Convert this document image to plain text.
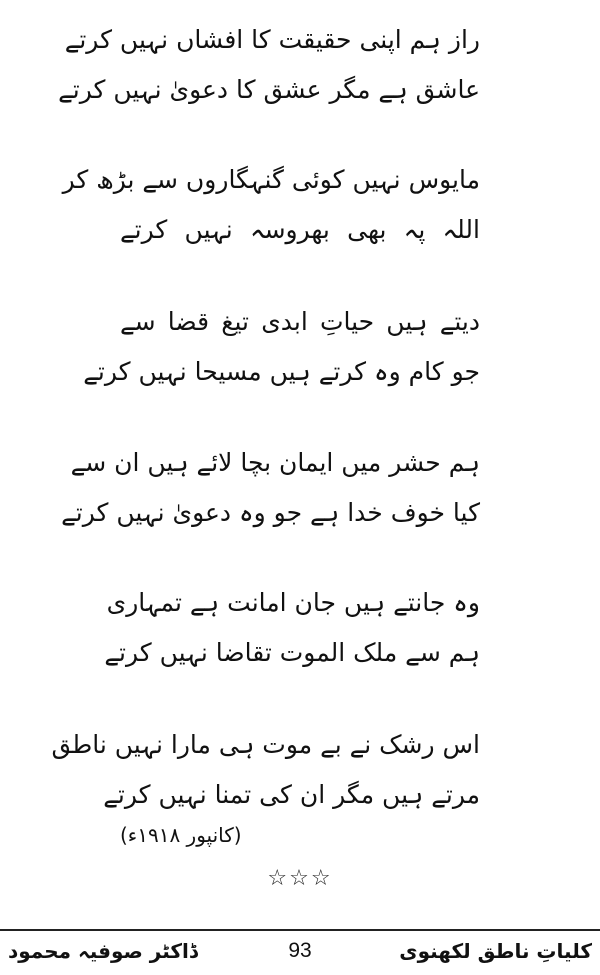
راز ہم اپنی حقیقت کا افشاں نہیں کرتے
عاشق ہے مگر عشق کا دعویٰ نہیں کرتے
مایوس نہیں کوئی گنہگاروں سے بڑھ کر
اللہ پہ بھی بھروسہ نہیں کرتے
دیتے ہیں حیاتِ ابدی تیغ قضا سے
جو کام وہ کرتے ہیں مسیحا نہیں کرتے
ہم حشر میں ایمان بچا لائے ہیں ان سے
کیا خوف خدا ہے جو وہ دعویٰ نہیں کرتے
وہ جانتے ہیں جان امانت ہے تمہاری
ہم سے ملک الموت تقاضا نہیں کرتے
اس رشک نے بے موت ہی مارا نہیں ناطق
مرتے ہیں مگر ان کی تمنا نہیں کرتے
(کانپور ۱۹۱۸ء)
☆☆☆
ڈاکٹر صوفیہ محمود	93	کلیاتِ ناطق لکھنوی
